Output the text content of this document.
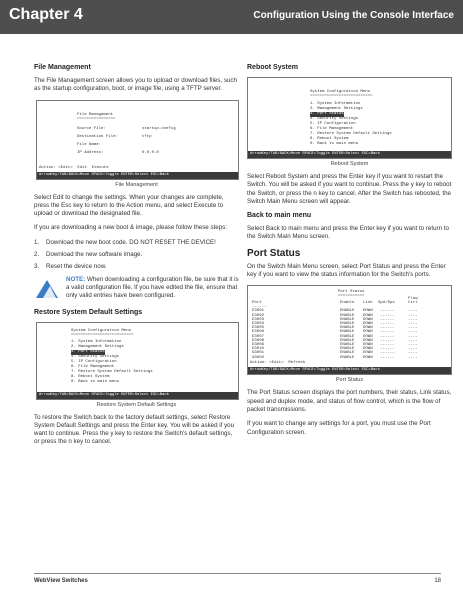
Chapter 4	Configuration Using the Console Interface
File Management
The File Management screen allows you to upload or download files, such as the startup configuration, boot, or image file, using a TFTP server.
File Management
================
Source File:	startup-config
Destination File:	tftp
File Name:
IP Address:	0.0.0.0
Action: <Edit>  Edit  Execute
ArrowKey/TAB/BACK=Move SPACE=Toggle ENTER=Select ESC=Back
File Management
Select Edit to change the settings. When your changes are complete, press the Esc key to return to the Action menu, and select Execute to upload or download the designated file.
If you are downloading a new boot & image, please follow these steps:
1.	Download the new boot code. DO NOT RESET THE DEVICE!
2.	Download the new software image.
3.	Reset the device now.
NOTE: When downloading a configuration file, be sure that it is a valid configuration file. If you have edited the file, ensure that only valid entries have been configured.
Restore System Default Settings
System Configuration Menu
==========================
1. System Information
2. Management Settings
3. Port Status
4. Security Settings
5. IP Configuration
6. File Management
7. Restore System Default Settings
8. Reboot System
0. Back to main menu
ArrowKey/TAB/BACK=Move SPACE=Toggle ENTER=Select ESC=Back
Restore System Default Settings
To restore the Switch back to the factory default settings, select Restore System Default Settings and press the Enter key. You will be asked if you want to continue. Press the y key to restore the Switch's default settings, or press the n key to cancel.
Reboot System
System Configuration Menu
==========================
1. System Information
2. Management Settings
3. Port Status
4. Security Settings
5. IP Configuration
6. File Management
7. Restore System Default Settings
8. Reboot System
0. Back to main menu
ArrowKey/TAB/BACK=Move SPACE=Toggle ENTER=Select ESC=Back
Reboot System
Select Reboot System and press the Enter key if you want to restart the Switch. You will be asked if you want to continue. Press the y key to reboot the Switch, or press the n key to cancel. After the Switch has rebooted, the Switch Main Menu screen will appear.
Back to main menu
Select Back to main menu and press the Enter key if you want to return to the Switch Main Menu screen.
Port Status
On the Switch Main Menu screen, select Port Status and press the Enter key if you want to view the status information for the Switch's ports.
Port Status
===========
Port	Enable Link Spd/Dpx
Flow Ctrl
------
E3001	ENABLE DOWN ------	----
E3002	ENABLE DOWN ------	----
E3003	ENABLE DOWN ------	----
E3004	ENABLE DOWN ------	----
E3005	ENABLE DOWN ------	----
E3006	ENABLE DOWN ------	----
E3007	ENABLE DOWN ------	----
E3008	ENABLE DOWN ------	----
E3009	ENABLE DOWN ------	----
E3010	ENABLE DOWN ------	----
G3001	ENABLE DOWN ------	----
G3002	ENABLE DOWN ------	----
Action: <Edit>  Refresh
ArrowKey/TAB/BACK=Move SPACE=Toggle ENTER=Select ESC=Back
Port Status
The Port Status screen displays the port numbers, their status, Link status, speed and duplex mode, and status of flow control, which is the flow of packet transmissions.
If you want to change any settings for a port, you must use the Port Configuration screen.
WebView Switches	18
